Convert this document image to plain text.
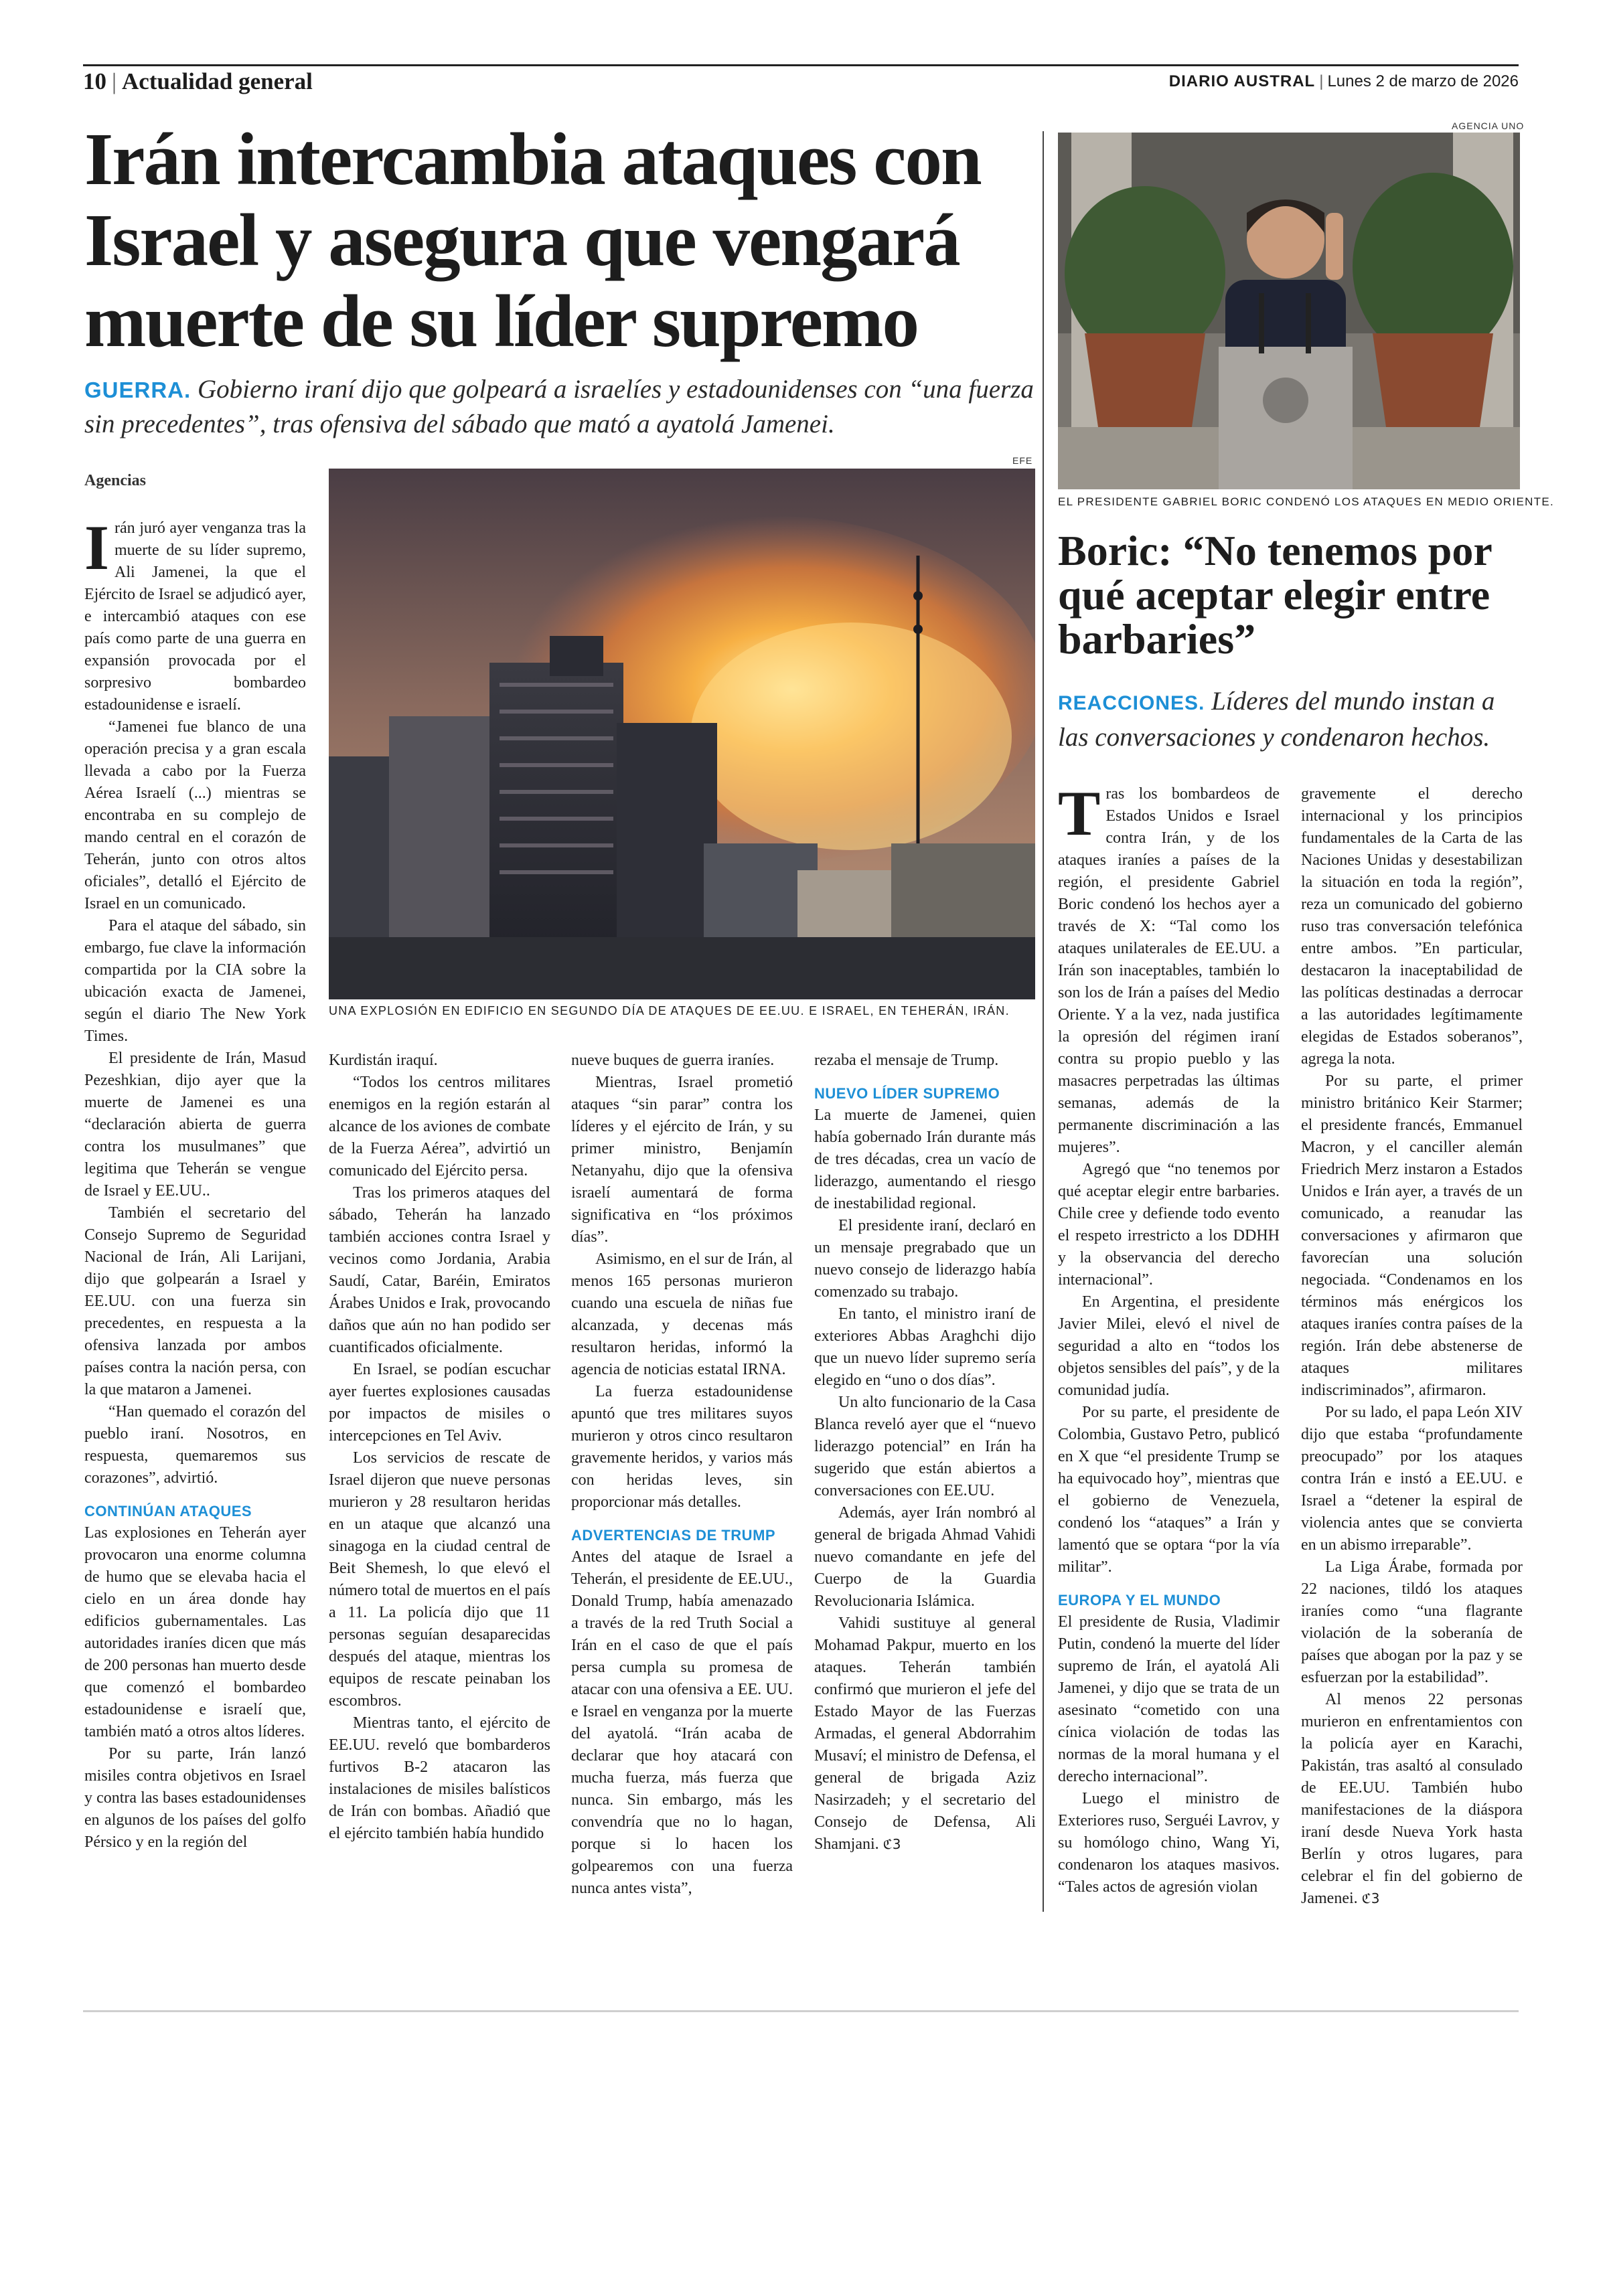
10 | Actualidad general	DIARIO AUSTRAL | Lunes 2 de marzo de 2026
Irán intercambia ataques con Israel y asegura que vengará muerte de su líder supremo
GUERRA. Gobierno iraní dijo que golpeará a israelíes y estadounidenses con “una fuerza sin precedentes”, tras ofensiva del sábado que mató a ayatolá Jamenei.
Agencias
EFE
UNA EXPLOSIÓN EN EDIFICIO EN SEGUNDO DÍA DE ATAQUES DE EE.UU. E ISRAEL, EN TEHERÁN, IRÁN.

Irán juró ayer venganza tras la muerte de su líder supremo, Ali Jamenei, la que el Ejército de Israel se adjudicó ayer, e intercambió ataques con ese país como parte de una guerra en expansión provocada por el sorpresivo bombardeo estadounidense e israelí.

“Jamenei fue blanco de una operación precisa y a gran escala llevada a cabo por la Fuerza Aérea Israelí (...) mientras se encontraba en su complejo de mando central en el corazón de Teherán, junto con otros altos oficiales”, detalló el Ejército de Israel en un comunicado.

Para el ataque del sábado, sin embargo, fue clave la información compartida por la CIA sobre la ubicación exacta de Jamenei, según el diario The New York Times.

El presidente de Irán, Masud Pezeshkian, dijo ayer que la muerte de Jamenei es una “declaración abierta de guerra contra los musulmanes” que legitima que Teherán se vengue de Israel y EE.UU..

También el secretario del Consejo Supremo de Seguridad Nacional de Irán, Ali Larijani, dijo que golpearán a Israel y EE.UU. con una fuerza sin precedentes, en respuesta a la ofensiva lanzada por ambos países contra la nación persa, con la que mataron a Jamenei.

“Han quemado el corazón del pueblo iraní. Nosotros, en respuesta, quemaremos sus corazones”, advirtió.

CONTINÚAN ATAQUES

Las explosiones en Teherán ayer provocaron una enorme columna de humo que se elevaba hacia el cielo en un área donde hay edificios gubernamentales. Las autoridades iraníes dicen que más de 200 personas han muerto desde que comenzó el bombardeo estadounidense e israelí que, también mató a otros altos líderes.

Por su parte, Irán lanzó misiles contra objetivos en Israel y contra las bases estadounidenses en algunos de los países del golfo Pérsico y en la región del

Kurdistán iraquí.

“Todos los centros militares enemigos en la región estarán al alcance de los aviones de combate de la Fuerza Aérea”, advirtió un comunicado del Ejército persa.

Tras los primeros ataques del sábado, Teherán ha lanzado también acciones contra Israel y vecinos como Jordania, Arabia Saudí, Catar, Baréin, Emiratos Árabes Unidos e Irak, provocando daños que aún no han podido ser cuantificados oficialmente.

En Israel, se podían escuchar ayer fuertes explosiones causadas por impactos de misiles o intercepciones en Tel Aviv.

Los servicios de rescate de Israel dijeron que nueve personas murieron y 28 resultaron heridas en un ataque que alcanzó una sinagoga en la ciudad central de Beit Shemesh, lo que elevó el número total de muertos en el país a 11. La policía dijo que 11 personas seguían desaparecidas después del ataque, mientras los equipos de rescate peinaban los escombros.

Mientras tanto, el ejército de EE.UU. reveló que bombarderos furtivos B-2 atacaron las instalaciones de misiles balísticos de Irán con bombas. Añadió que el ejército también había hundido

nueve buques de guerra iraníes.

Mientras, Israel prometió ataques “sin parar” contra los líderes y el ejército de Irán, y su primer ministro, Benjamín Netanyahu, dijo que la ofensiva israelí aumentará de forma significativa en “los próximos días”.

Asimismo, en el sur de Irán, al menos 165 personas murieron cuando una escuela de niñas fue alcanzada, y decenas más resultaron heridas, informó la agencia de noticias estatal IRNA.

La fuerza estadounidense apuntó que tres militares suyos murieron y otros cinco resultaron gravemente heridos, y varios más con heridas leves, sin proporcionar más detalles.

ADVERTENCIAS DE TRUMP

Antes del ataque de Israel a Teherán, el presidente de EE.UU., Donald Trump, había amenazado a través de la red Truth Social a Irán en el caso de que el país persa cumpla su promesa de atacar con una ofensiva a EE. UU. e Israel en venganza por la muerte del ayatolá. “Irán acaba de declarar que hoy atacará con mucha fuerza, más fuerza que nunca. Sin embargo, más les convendría que no lo hagan, porque si lo hacen los golpearemos con una fuerza nunca antes vista”,

rezaba el mensaje de Trump.

NUEVO LÍDER SUPREMO

La muerte de Jamenei, quien había gobernado Irán durante más de tres décadas, crea un vacío de liderazgo, aumentando el riesgo de inestabilidad regional.

El presidente iraní, declaró en un mensaje pregrabado que un nuevo consejo de liderazgo había comenzado su trabajo.

En tanto, el ministro iraní de exteriores Abbas Araghchi dijo que un nuevo líder supremo sería elegido en “uno o dos días”.

Un alto funcionario de la Casa Blanca reveló ayer que el “nuevo liderazgo potencial” en Irán ha sugerido que están abiertos a conversaciones con EE.UU.

Además, ayer Irán nombró al general de brigada Ahmad Vahidi nuevo comandante en jefe del Cuerpo de la Guardia Revolucionaria Islámica.

Vahidi sustituye al general Mohamad Pakpur, muerto en los ataques. Teherán también confirmó que murieron el jefe del Estado Mayor de las Fuerzas Armadas, el general Abdorrahim Musaví; el ministro de Defensa, el general de brigada Aziz Nasirzadeh; y el secretario del Consejo de Defensa, Ali Shamjani. ℭ3

AGENCIA UNO
EL PRESIDENTE GABRIEL BORIC CONDENÓ LOS ATAQUES EN MEDIO ORIENTE.
Boric: “No tenemos por qué aceptar elegir entre barbaries”
REACCIONES. Líderes del mundo instan a las conversaciones y condenaron hechos.

Tras los bombardeos de Estados Unidos e Israel contra Irán, y de los ataques iraníes a países de la región, el presidente Gabriel Boric condenó los hechos ayer a través de X: “Tal como los ataques unilaterales de EE.UU. a Irán son inaceptables, también lo son los de Irán a países del Medio Oriente. Y a la vez, nada justifica la opresión del régimen iraní contra su propio pueblo y las masacres perpetradas las últimas semanas, además de la permanente discriminación a las mujeres”.

Agregó que “no tenemos por qué aceptar elegir entre barbaries. Chile cree y defiende todo evento el respeto irrestricto a los DDHH y la observancia del derecho internacional”.

En Argentina, el presidente Javier Milei, elevó el nivel de seguridad a alto en “todos los objetos sensibles del país”, y de la comunidad judía.

Por su parte, el presidente de Colombia, Gustavo Petro, publicó en X que “el presidente Trump se ha equivocado hoy”, mientras que el gobierno de Venezuela, condenó los “ataques” a Irán y lamentó que se optara “por la vía militar”.

EUROPA Y EL MUNDO

El presidente de Rusia, Vladimir Putin, condenó la muerte del líder supremo de Irán, el ayatolá Ali Jamenei, y dijo que se trata de un asesinato “cometido con una cínica violación de todas las normas de la moral humana y el derecho internacional”.

Luego el ministro de Exteriores ruso, Serguéi Lavrov, y su homólogo chino, Wang Yi, condenaron los ataques masivos. “Tales actos de agresión violan

gravemente el derecho internacional y los principios fundamentales de la Carta de las Naciones Unidas y desestabilizan la situación en toda la región”, reza un comunicado del gobierno ruso tras conversación telefónica entre ambos. ”En particular, destacaron la inaceptabilidad de las políticas destinadas a derrocar a las autoridades legítimamente elegidas de Estados soberanos”, agrega la nota.

Por su parte, el primer ministro británico Keir Starmer; el presidente francés, Emmanuel Macron, y el canciller alemán Friedrich Merz instaron a Estados Unidos e Irán ayer, a través de un comunicado, a reanudar las conversaciones y afirmaron que favorecían una solución negociada. “Condenamos en los términos más enérgicos los ataques iraníes contra países de la región. Irán debe abstenerse de ataques militares indiscriminados”, afirmaron.

Por su lado, el papa León XIV dijo que estaba “profundamente preocupado” por los ataques contra Irán e instó a EE.UU. e Israel a “detener la espiral de violencia antes que se convierta en un abismo irreparable”.

La Liga Árabe, formada por 22 naciones, tildó los ataques iraníes como “una flagrante violación de la soberanía de países que abogan por la paz y se esfuerzan por la estabilidad”.

Al menos 22 personas murieron en enfrentamientos con la policía ayer en Karachi, Pakistán, tras asaltó al consulado de EE.UU. También hubo manifestaciones de la diáspora iraní desde Nueva York hasta Berlín y otros lugares, para celebrar el fin del gobierno de Jamenei. ℭ3
